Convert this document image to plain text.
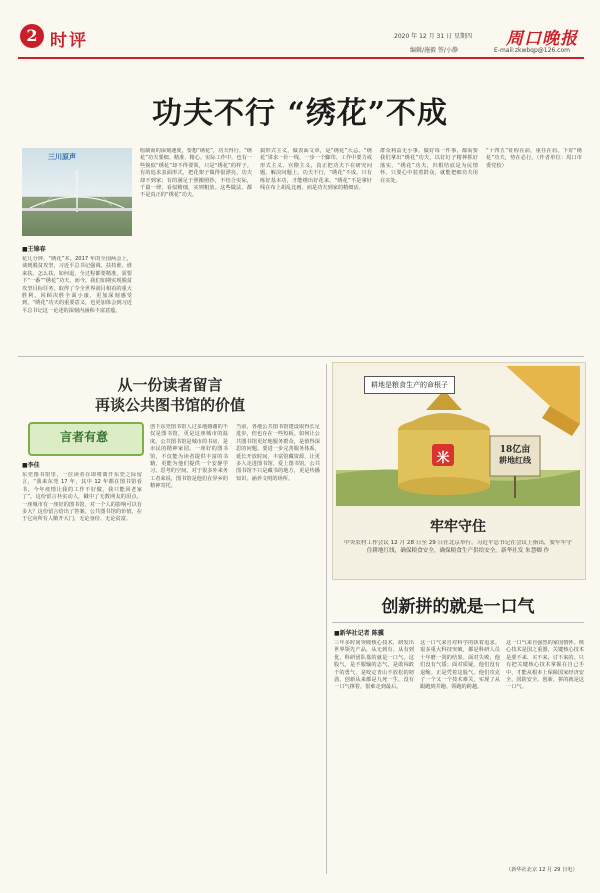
2 时评	2020 年 12 月 31 日 星期四
编辑/施毅 签/小静
周口晚报
E-mail:zkwbqp@126.com
功夫不行 “绣花”不成
三川原声
■王锦春
花几分钟，“绣花”术。2017 年的全国两会上，谈到脱贫攻坚，习近平总书记强调，扶持谁、谁来扶、怎么扶，如何退，全过程都要精准，需要下“一番”“绣花”功夫。而今，我们如期实现脱贫攻坚目标任务，取得了令全世界刮目相看的重大胜利。回顾决胜全面小康，更加深刻感受到，“绣花”功夫的重要意义，也更加体会到习近平总书记这一论述的深刻内涵和丰富意蕴。
绘制而的深刻速度，要想“绣花”，功夫得行。“绣花”功夫要细、精准、精心。实际工作中，也有一些貌似“绣花”却不得要领，只是“绣花”的样子。有的追求表面形式，把花架子做得很漂亮，功夫却不到家；有的满足于照搬照抄，不结合实际，千篇一律，看似精细，实则粗放。这些做法，都不是真正的“绣花”功夫。
搞形式主义，做表面文章，是“绣花”大忌。“绣花”讲求一针一线，一步一个脚印。工作中要力戒形式主义、官僚主义，真正把功夫下在研究问题、解决问题上。功夫不行，“绣花”不成。只有练好基本功，才能绣出好花来。“绣花”不是拿针线在布上胡乱比画，而是功夫到家的精细活。
群众利益无小事。做好每一件事，都需要我们拿出“绣花”功夫，以钉钉子精神抓好落实。“绣花”功夫，归根结底是为民情怀。只要心中装着群众，就能把细功夫用在实处。
“十四五”征程在前，重任在肩。下好“绣花”功夫，势在必行。（作者单位：周口市委党校）
从一份读者留言
再谈公共图书馆的价值
言者有意
■李佳
东莞图书馆里，一位读者在即将离开东莞之际留言，“我来东莞 17 年，其中 12 年都在图书馆看书，今年疫情让我的工作不好做，我只能回老家了”。这份留言朴实动人，戳中了无数网友的泪点。一座城市有一座好的图书馆，对一个人的影响可以有多大？这份留言给出了答案。公共图书馆的价值，在于它向所有人敞开大门，无论身份、无论贫富。
创下东莞图书馆人过多地感谢的不仅是图书馆，更是这座城市的温度。公共图书馆是城市的书房，是市民的精神家园。一座好的图书馆，不仅能为读者提供丰富的书籍，更能为他们提供一个安静学习、思考的空间。对于很多外来务工者来说，图书馆是他们在异乡的精神寄托。
当前，各地公共图书馆建设取得长足进步，但也存在一些短板。如何让公共图书馆更好地服务群众，是值得深思的问题。要进一步完善服务体系，延长开放时间，丰富馆藏资源，让更多人走进图书馆、爱上图书馆。公共图书馆不只是藏书的地方，更是传播知识、涵养文明的场所。
耕地是粮食生产的命根子
18亿亩
耕地红线
米
牢牢守住
中央农村工作会议 12 月 28 日至 29 日在北京举行。习近平总书记在会议上指出，要牢牢守住耕地红线，确保粮食安全，确保粮食生产供给安全。新华社发 朱慧卿 作
创新拼的就是一口气
■新华社记者 陈骥
三年多时间突破核心技术，研发出世界领先产品，从无到有、从有到优，科研团队靠的就是一口气。这股气，是不服输的志气，是敢闯敢干的勇气，是咬定青山不放松的韧劲。创新从来都是九死一生，没有一口气撑着，很难走到最后。
这一口气来自对科学的执着追求。很多重大科技突破，都是科研人员十年磨一剑的结果。面对失败，他们没有气馁；面对质疑，他们没有退缩。正是凭着这股气，他们攻克了一个又一个技术难关，实现了从跟跑到并跑、领跑的跨越。
这一口气来自强烈的家国情怀。核心技术是国之重器，关键核心技术是要不来、买不来、讨不来的。只有把关键核心技术掌握在自己手中，才能从根本上保障国家经济安全、国防安全。创新，拼的就是这一口气。
（新华社北京 12 月 29 日电）
